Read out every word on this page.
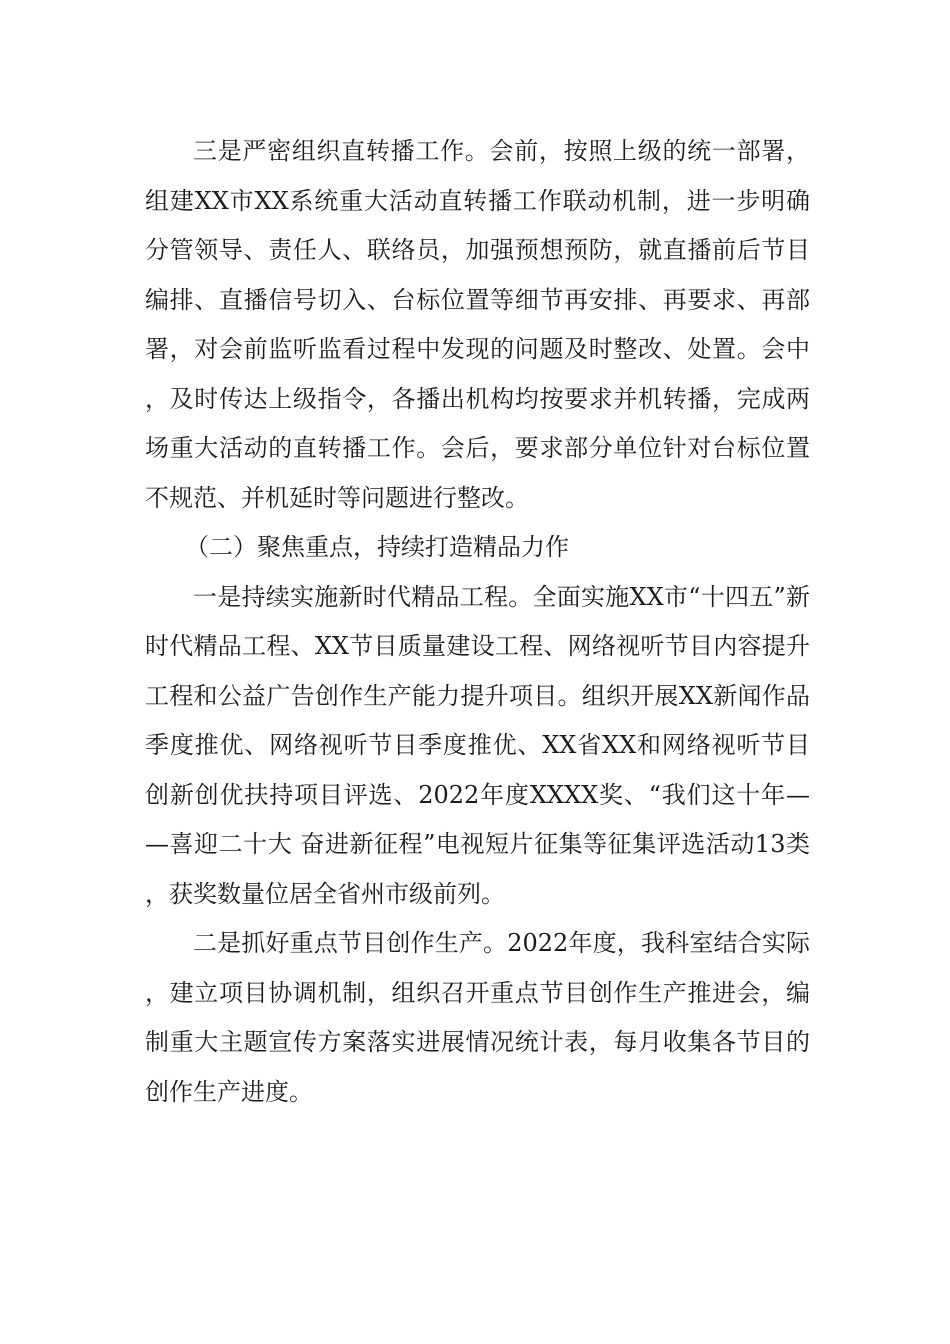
三是严密组织直转播工作。会前，按照上级的统一部署，组建XX市XX系统重大活动直转播工作联动机制，进一步明确分管领导、责任人、联络员，加强预想预防，就直播前后节目编排、直播信号切入、台标位置等细节再安排、再要求、再部署，对会前监听监看过程中发现的问题及时整改、处置。会中，及时传达上级指令，各播出机构均按要求并机转播，完成两场重大活动的直转播工作。会后，要求部分单位针对台标位置不规范、并机延时等问题进行整改。

（二）聚焦重点，持续打造精品力作

一是持续实施新时代精品工程。全面实施XX市“十四五”新时代精品工程、XX节目质量建设工程、网络视听节目内容提升工程和公益广告创作生产能力提升项目。组织开展XX新闻作品季度推优、网络视听节目季度推优、XX省XX和网络视听节目创新创优扶持项目评选、2022年度XXXX奖、“我们这十年——喜迎二十大 奋进新征程”电视短片征集等征集评选活动13类，获奖数量位居全省州市级前列。

二是抓好重点节目创作生产。2022年度，我科室结合实际，建立项目协调机制，组织召开重点节目创作生产推进会，编制重大主题宣传方案落实进展情况统计表，每月收集各节目的创作生产进度。
